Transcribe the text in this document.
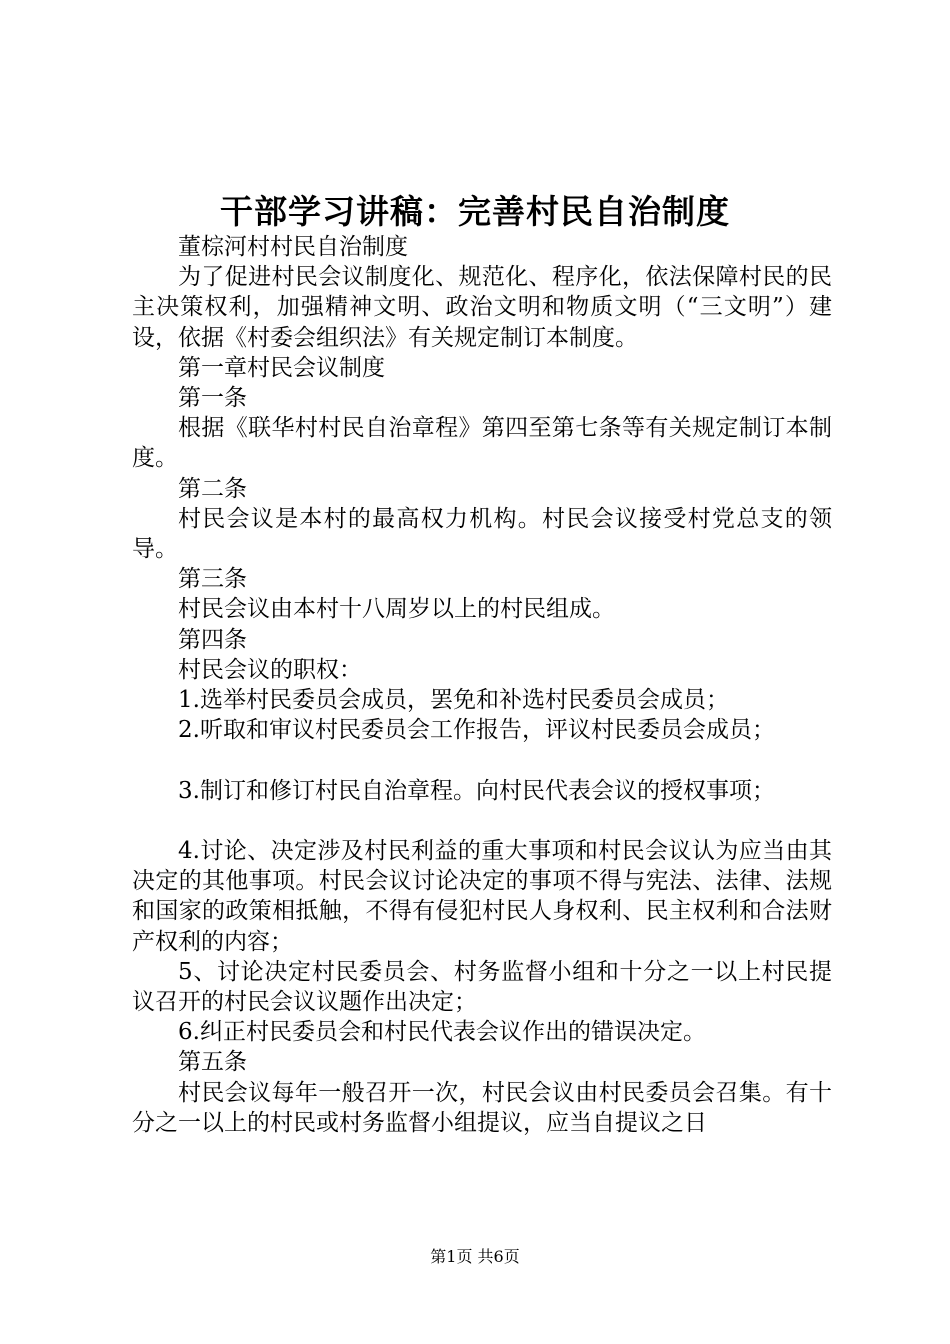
干部学习讲稿：完善村民自治制度

董棕河村村民自治制度

为了促进村民会议制度化、规范化、程序化，依法保障村民的民主决策权利，加强精神文明、政治文明和物质文明（“三文明”）建设，依据《村委会组织法》有关规定制订本制度。

第一章村民会议制度

第一条

根据《联华村村民自治章程》第四至第七条等有关规定制订本制度。

第二条

村民会议是本村的最高权力机构。村民会议接受村党总支的领导。

第三条

村民会议由本村十八周岁以上的村民组成。

第四条

村民会议的职权：

1.选举村民委员会成员，罢免和补选村民委员会成员；

2.听取和审议村民委员会工作报告，评议村民委员会成员；

3.制订和修订村民自治章程。向村民代表会议的授权事项；

4.讨论、决定涉及村民利益的重大事项和村民会议认为应当由其决定的其他事项。村民会议讨论决定的事项不得与宪法、法律、法规和国家的政策相抵触，不得有侵犯村民人身权利、民主权利和合法财产权利的内容；

5、讨论决定村民委员会、村务监督小组和十分之一以上村民提议召开的村民会议议题作出决定；

6.纠正村民委员会和村民代表会议作出的错误决定。

第五条

村民会议每年一般召开一次，村民会议由村民委员会召集。有十分之一以上的村民或村务监督小组提议，应当自提议之日

第1页 共6页
